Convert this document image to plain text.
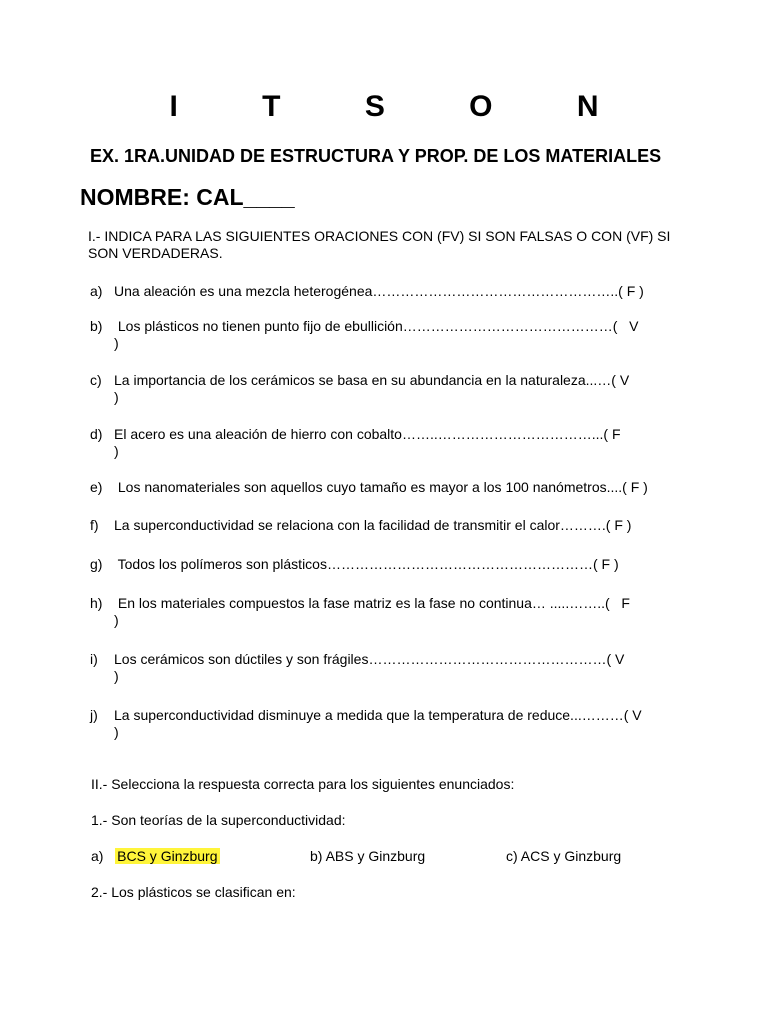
I T S O N
EX. 1RA.UNIDAD DE ESTRUCTURA Y PROP. DE LOS MATERIALES
NOMBRE: CAL____
I.- INDICA PARA LAS SIGUIENTES ORACIONES CON (FV) SI SON FALSAS O CON (VF) SI SON VERDADERAS.
a) Una aleación es una mezcla heterogénea……………………………………………..( F )
b) Los plásticos no tienen punto fijo de ebullición………………………………………(   V
)
c) La importancia de los cerámicos se basa en su abundancia en la naturaleza...…( V
)
d) El acero es una aleación de hierro con cobalto……..……………………………...( F
)
e) Los nanomateriales son aquellos cuyo tamaño es mayor a los 100 nanómetros....( F )
f) La superconductividad se relaciona con la facilidad de transmitir el calor……….( F )
g) Todos los polímeros son plásticos…………………………………………………( F )
h) En los materiales compuestos la fase matriz es la fase no continua… .....……..(   F
)
i) Los cerámicos son dúctiles y son frágiles……………………………………………( V
)
j) La superconductividad disminuye a medida que la temperatura de reduce...………( V
)
II.- Selecciona la respuesta correcta para los siguientes enunciados:
1.- Son teorías de la superconductividad:
a) BCS y Ginzburg	b) ABS y Ginzburg	c) ACS y Ginzburg
2.- Los plásticos se clasifican en:
